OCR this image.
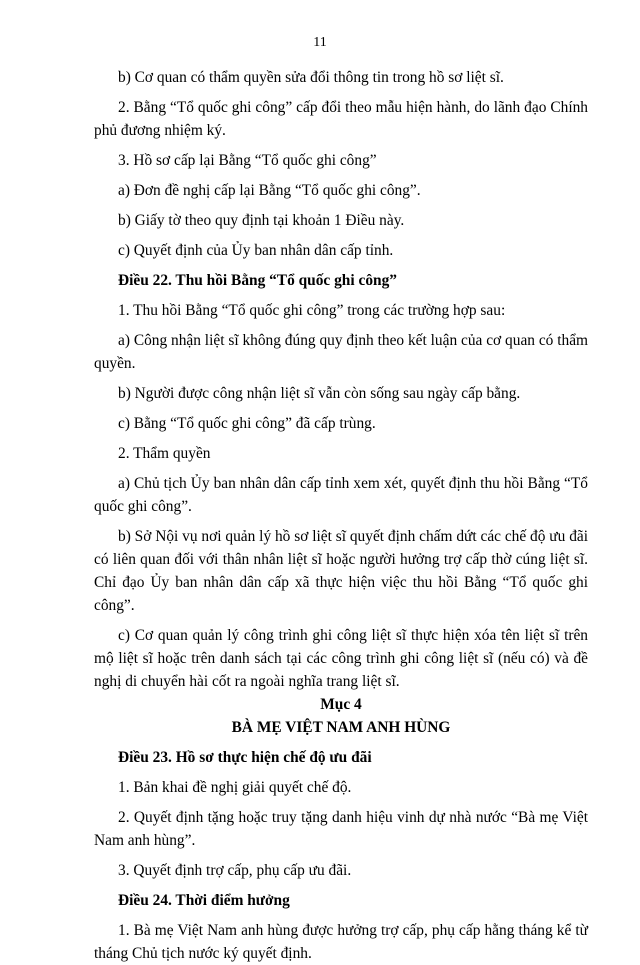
11

b) Cơ quan có thẩm quyền sửa đổi thông tin trong hồ sơ liệt sĩ.

2. Bằng “Tổ quốc ghi công” cấp đổi theo mẫu hiện hành, do lãnh đạo Chính phủ đương nhiệm ký.

3. Hồ sơ cấp lại Bằng “Tổ quốc ghi công”

a) Đơn đề nghị cấp lại Bằng “Tổ quốc ghi công”.

b) Giấy tờ theo quy định tại khoản 1 Điều này.

c) Quyết định của Ủy ban nhân dân cấp tỉnh.

Điều 22. Thu hồi Bằng “Tổ quốc ghi công”

1. Thu hồi Bằng “Tổ quốc ghi công” trong các trường hợp sau:

a) Công nhận liệt sĩ không đúng quy định theo kết luận của cơ quan có thẩm quyền.

b) Người được công nhận liệt sĩ vẫn còn sống sau ngày cấp bằng.

c) Bằng “Tổ quốc ghi công” đã cấp trùng.

2. Thẩm quyền

a) Chủ tịch Ủy ban nhân dân cấp tỉnh xem xét, quyết định thu hồi Bằng “Tổ quốc ghi công”.

b) Sở Nội vụ nơi quản lý hồ sơ liệt sĩ quyết định chấm dứt các chế độ ưu đãi có liên quan đối với thân nhân liệt sĩ hoặc người hưởng trợ cấp thờ cúng liệt sĩ. Chỉ đạo Ủy ban nhân dân cấp xã thực hiện việc thu hồi Bằng “Tổ quốc ghi công”.

c) Cơ quan quản lý công trình ghi công liệt sĩ thực hiện xóa tên liệt sĩ trên mộ liệt sĩ hoặc trên danh sách tại các công trình ghi công liệt sĩ (nếu có) và đề nghị di chuyển hài cốt ra ngoài nghĩa trang liệt sĩ.

Mục 4

BÀ MẸ VIỆT NAM ANH HÙNG

Điều 23. Hồ sơ thực hiện chế độ ưu đãi

1. Bản khai đề nghị giải quyết chế độ.

2. Quyết định tặng hoặc truy tặng danh hiệu vinh dự nhà nước “Bà mẹ Việt Nam anh hùng”.

3. Quyết định trợ cấp, phụ cấp ưu đãi.

Điều 24. Thời điểm hưởng

1. Bà mẹ Việt Nam anh hùng được hưởng trợ cấp, phụ cấp hằng tháng kể từ tháng Chủ tịch nước ký quyết định.
